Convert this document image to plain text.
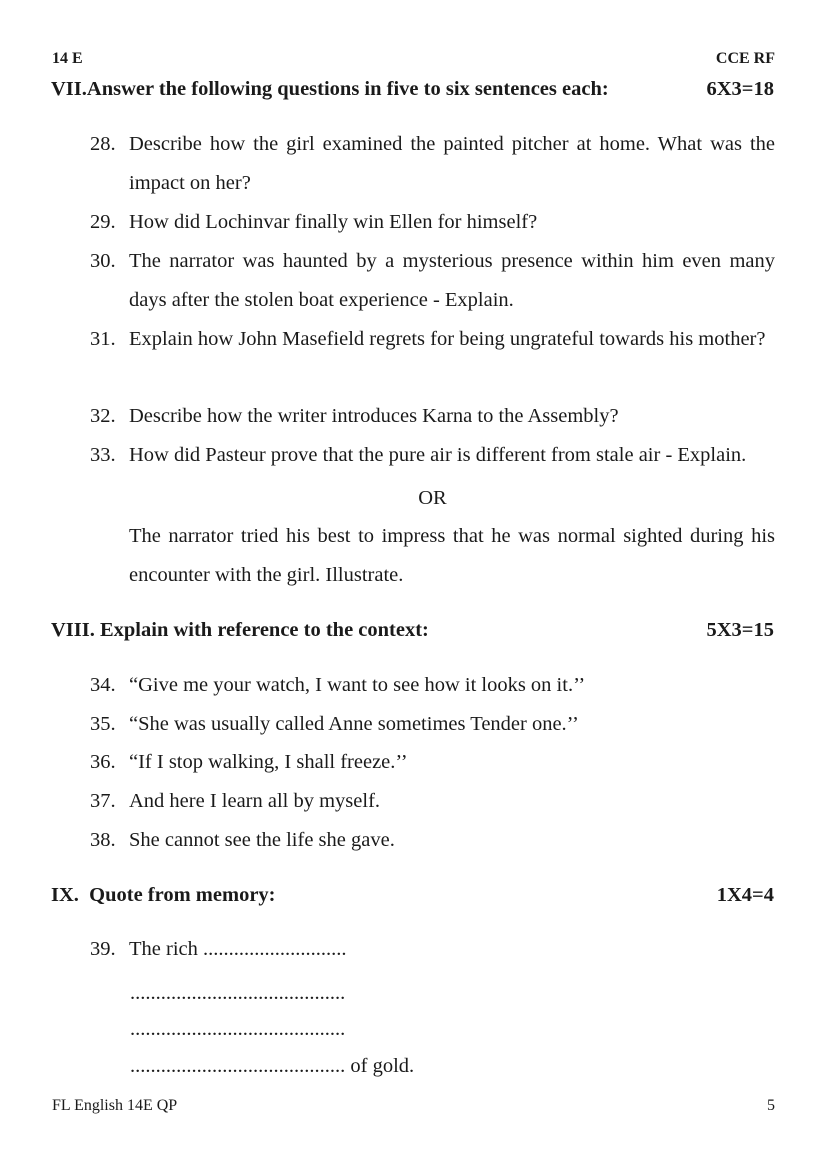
14 E	CCE RF
VII.Answer the following questions in five to six sentences each:	6X3=18
28. Describe how the girl examined the painted pitcher at home. What was the impact on her?
29. How did Lochinvar finally win Ellen for himself?
30. The narrator was haunted by a mysterious presence within him even many days after the stolen boat experience - Explain.
31. Explain how John Masefield regrets for being ungrateful towards his mother?
32. Describe how the writer introduces Karna to the Assembly?
33. How did Pasteur prove that the pure air is different from stale air - Explain.
OR
The narrator tried his best to impress that he was normal sighted during his encounter with the girl. Illustrate.
VIII. Explain with reference to the context:	5X3=15
34. “Give me your watch, I want to see how it looks on it.’’
35. “She was usually called Anne sometimes Tender one.’’
36. “If I stop walking, I shall freeze.’’
37. And here I learn all by myself.
38. She cannot see the life she gave.
IX.  Quote from memory:	1X4=4
39. The rich ............................
..........................................
..........................................
.......................................... of gold.
FL English 14E QP	5
